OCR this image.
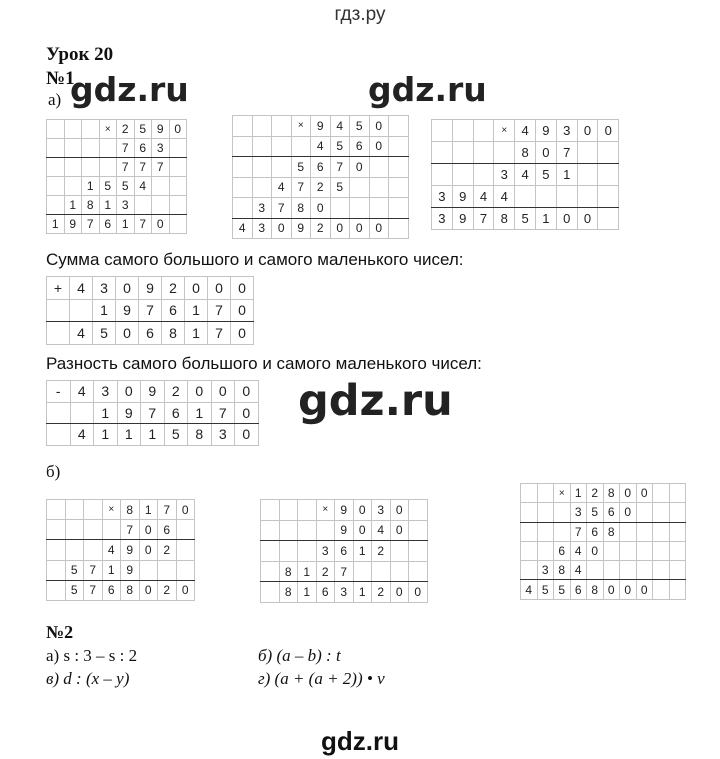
гдз.ру
Урок 20
№1
а) gdz.ru	gdz.ru
gdz.ru
			×	2	5	9	0
				7	6	3	
				7	7	7	
		1	5	5	4		
	1	8	1	3			
1	9	7	6	1	7	0	
			×	9	4	5	0	
				4	5	6	0	
			5	6	7	0		
		4	7	2	5			
	3	7	8	0				
4	3	0	9	2	0	0	0	
			×	4	9	3	0	0
				8	0	7		
			3	4	5	1		
3	9	4	4					
3	9	7	8	5	1	0	0	
Сумма самого большого и самого маленького чисел:
+	4	3	0	9	2	0	0	0
		1	9	7	6	1	7	0
	4	5	0	6	8	1	7	0
Разность самого большого и самого маленького чисел:
-	4	3	0	9	2	0	0	0
		1	9	7	6	1	7	0
	4	1	1	1	5	8	3	0
б)
			×	8	1	7	0
				7	0	6	
			4	9	0	2	
	5	7	1	9			
	5	7	6	8	0	2	0
			×	9	0	3	0	
				9	0	4	0	
			3	6	1	2		
	8	1	2	7				
	8	1	6	3	1	2	0	0
		×	1	2	8	0	0		
			3	5	6	0			
			7	6	8				
		6	4	0					
	3	8	4						
4	5	5	6	8	0	0	0		
№2
а) s : 3 – s : 2	б) (a – b) : t
в) d : (x – y)	г) (a + (a + 2)) • v
gdz.ru
